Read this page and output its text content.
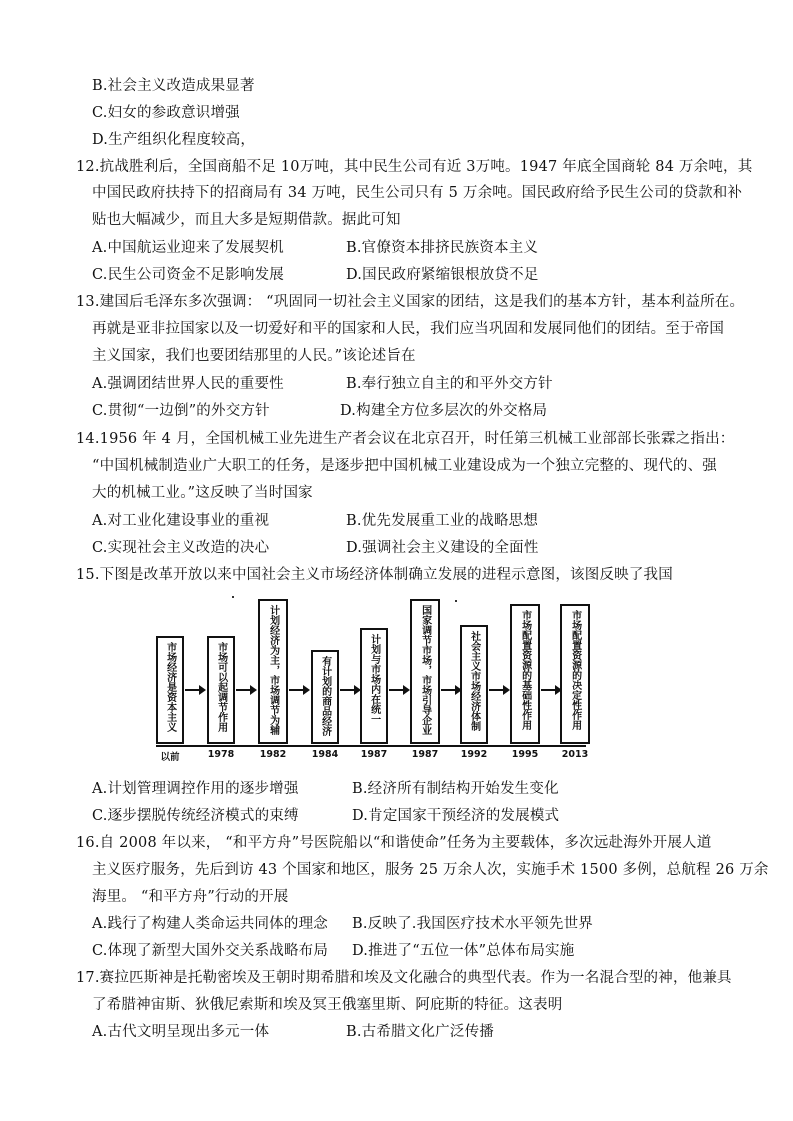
B.社会主义改造成果显著
C.妇女的参政意识增强
D.生产组织化程度较高，
12.抗战胜利后，全国商船不足 10万吨，其中民生公司有近 3万吨。1947 年底全国商轮 84 万余吨，其
中国民政府扶持下的招商局有 34 万吨，民生公司只有 5 万余吨。国民政府给予民生公司的贷款和补
贴也大幅减少，而且大多是短期借款。据此可知
A.中国航运业迎来了发展契机	B.官僚资本排挤民族资本主义
C.民生公司资金不足影响发展	D.国民政府紧缩银根放贷不足
13.建国后毛泽东多次强调： “巩固同一切社会主义国家的团结，这是我们的基本方针，基本利益所在。
再就是亚非拉国家以及一切爱好和平的国家和人民，我们应当巩固和发展同他们的团结。至于帝国
主义国家，我们也要团结那里的人民。”该论述旨在
A.强调团结世界人民的重要性	B.奉行独立自主的和平外交方针
C.贯彻“一边倒”的外交方针	D.构建全方位多层次的外交格局
14.1956 年 4 月，全国机械工业先进生产者会议在北京召开，时任第三机械工业部部长张霖之指出：
“中国机械制造业广大职工的任务，是逐步把中国机械工业建设成为一个独立完整的、现代的、强
大的机械工业。”这反映了当时国家
A.对工业化建设事业的重视	B.优先发展重工业的战略思想
C.实现社会主义改造的决心	D.强调社会主义建设的全面性
15.下图是改革开放以来中国社会主义市场经济体制确立发展的进程示意图，该图反映了我国
市场经济是资本主义	市场可以起调节作用	计划经济为主，市场调节为辅	有计划的商品经济	计划与市场内在统一	国家调节市场，市场引导企业	社会主义市场经济体制	市场配置资源的基础性作用	市场配置资源的决定性作用
以前	1978	1982	1984	1987	1987	1992	1995	2013
A.计划管理调控作用的逐步增强	B.经济所有制结构开始发生变化
C.逐步摆脱传统经济模式的束缚	D.肯定国家干预经济的发展模式
16.自 2008 年以来， “和平方舟”号医院船以“和谐使命”任务为主要载体，多次远赴海外开展人道
主义医疗服务，先后到访 43 个国家和地区，服务 25 万余人次，实施手术 1500 多例，总航程 26 万余
海里。 “和平方舟”行动的开展
A.践行了构建人类命运共同体的理念 B.反映了.我国医疗技术水平领先世界
C.体现了新型大国外交关系战略布局 D.推进了“五位一体”总体布局实施
17.赛拉匹斯神是托勒密埃及王朝时期希腊和埃及文化融合的典型代表。作为一名混合型的神，他兼具
了希腊神宙斯、狄俄尼索斯和埃及冥王俄塞里斯、阿庇斯的特征。这表明
A.古代文明呈现出多元一体	B.古希腊文化广泛传播
